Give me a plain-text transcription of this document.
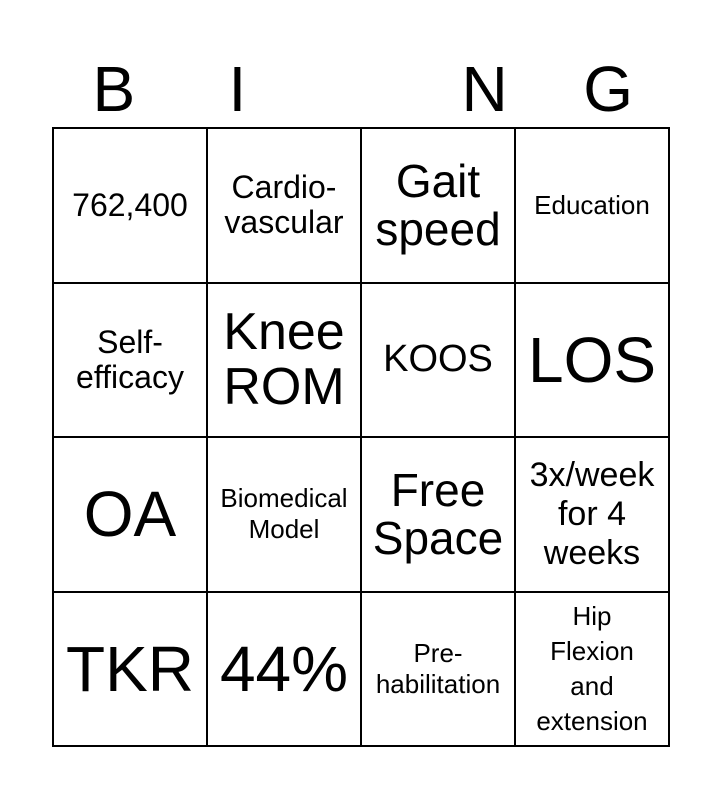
B	I	N	G
762,400	Cardio-
vascular
Gait
speed	Education
Self-
efficacy
Knee
ROM	KOOS LOS
OA	Biomedical
Model
Free
Space
3x/week
for 4
weeks
TKR 44%	Pre-
habilitation
Hip
Flexion
and
extension
